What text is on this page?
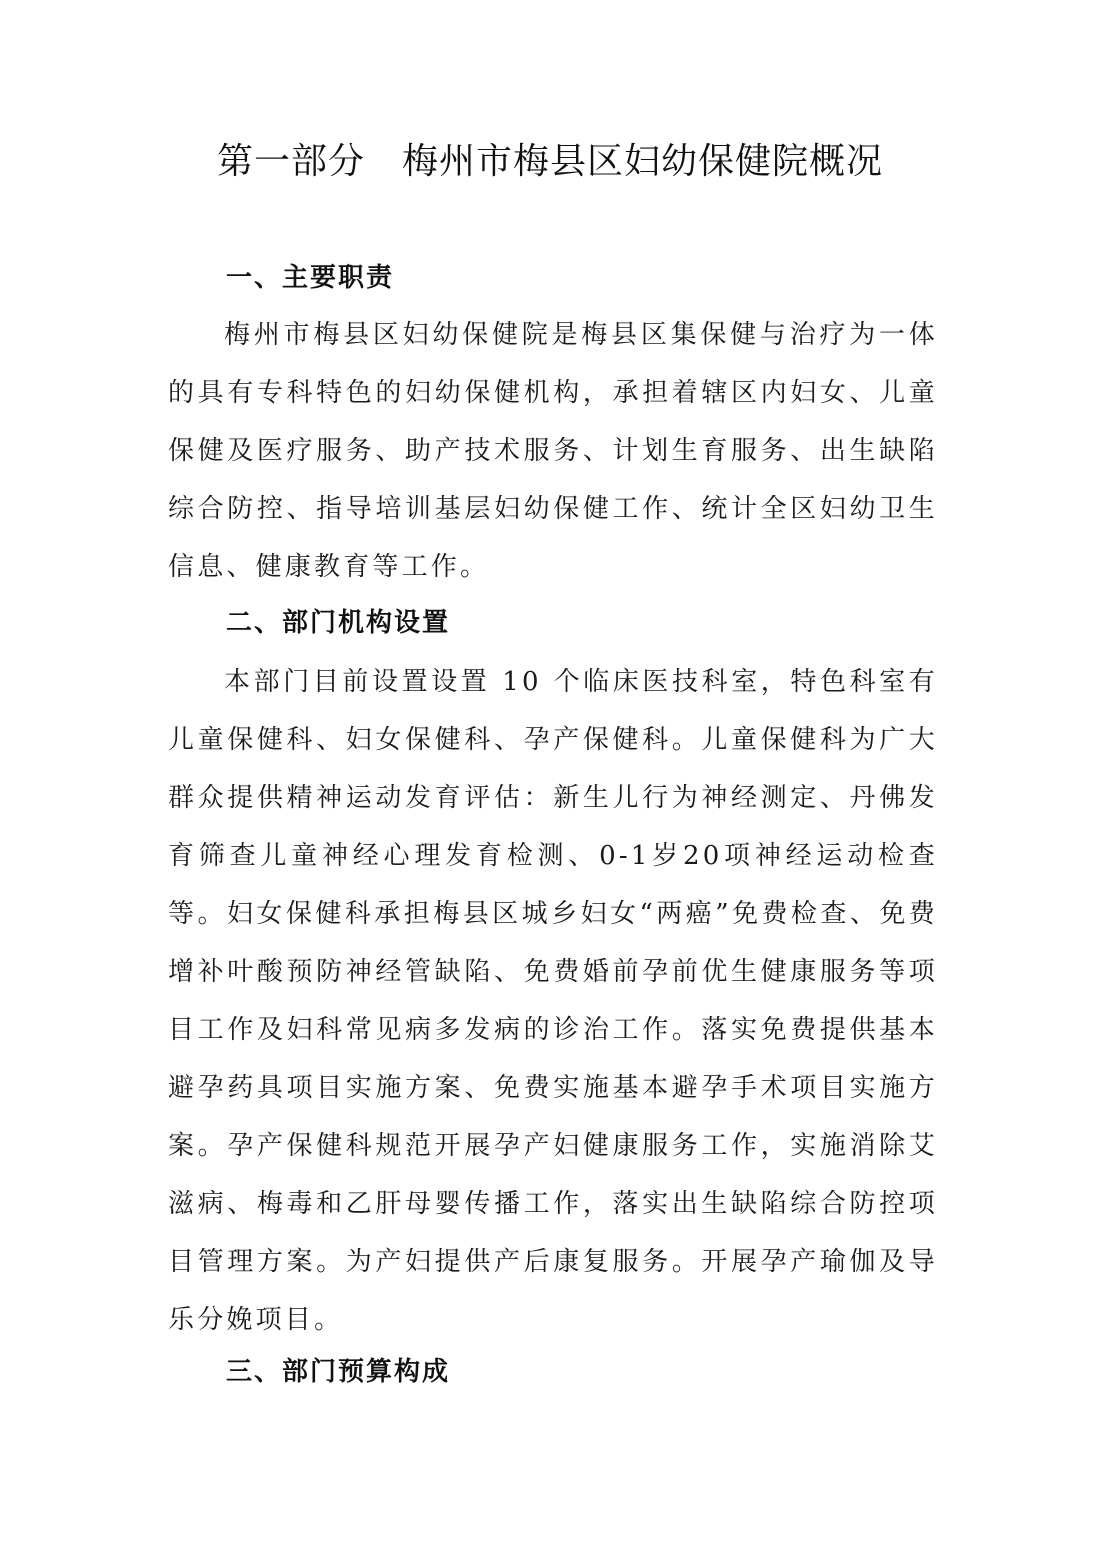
第一部分　梅州市梅县区妇幼保健院概况
一、主要职责

梅州市梅县区妇幼保健院是梅县区集保健与治疗为一体的具有专科特色的妇幼保健机构，承担着辖区内妇女、儿童保健及医疗服务、助产技术服务、计划生育服务、出生缺陷综合防控、指导培训基层妇幼保健工作、统计全区妇幼卫生信息、健康教育等工作。

二、部门机构设置

本部门目前设置设置 10 个临床医技科室，特色科室有儿童保健科、妇女保健科、孕产保健科。儿童保健科为广大群众提供精神运动发育评估：新生儿行为神经测定、丹佛发育筛查儿童神经心理发育检测、0-1岁20项神经运动检查等。妇女保健科承担梅县区城乡妇女“两癌”免费检查、免费增补叶酸预防神经管缺陷、免费婚前孕前优生健康服务等项目工作及妇科常见病多发病的诊治工作。落实免费提供基本避孕药具项目实施方案、免费实施基本避孕手术项目实施方案。孕产保健科规范开展孕产妇健康服务工作，实施消除艾滋病、梅毒和乙肝母婴传播工作，落实出生缺陷综合防控项目管理方案。为产妇提供产后康复服务。开展孕产瑜伽及导乐分娩项目。

三、部门预算构成
